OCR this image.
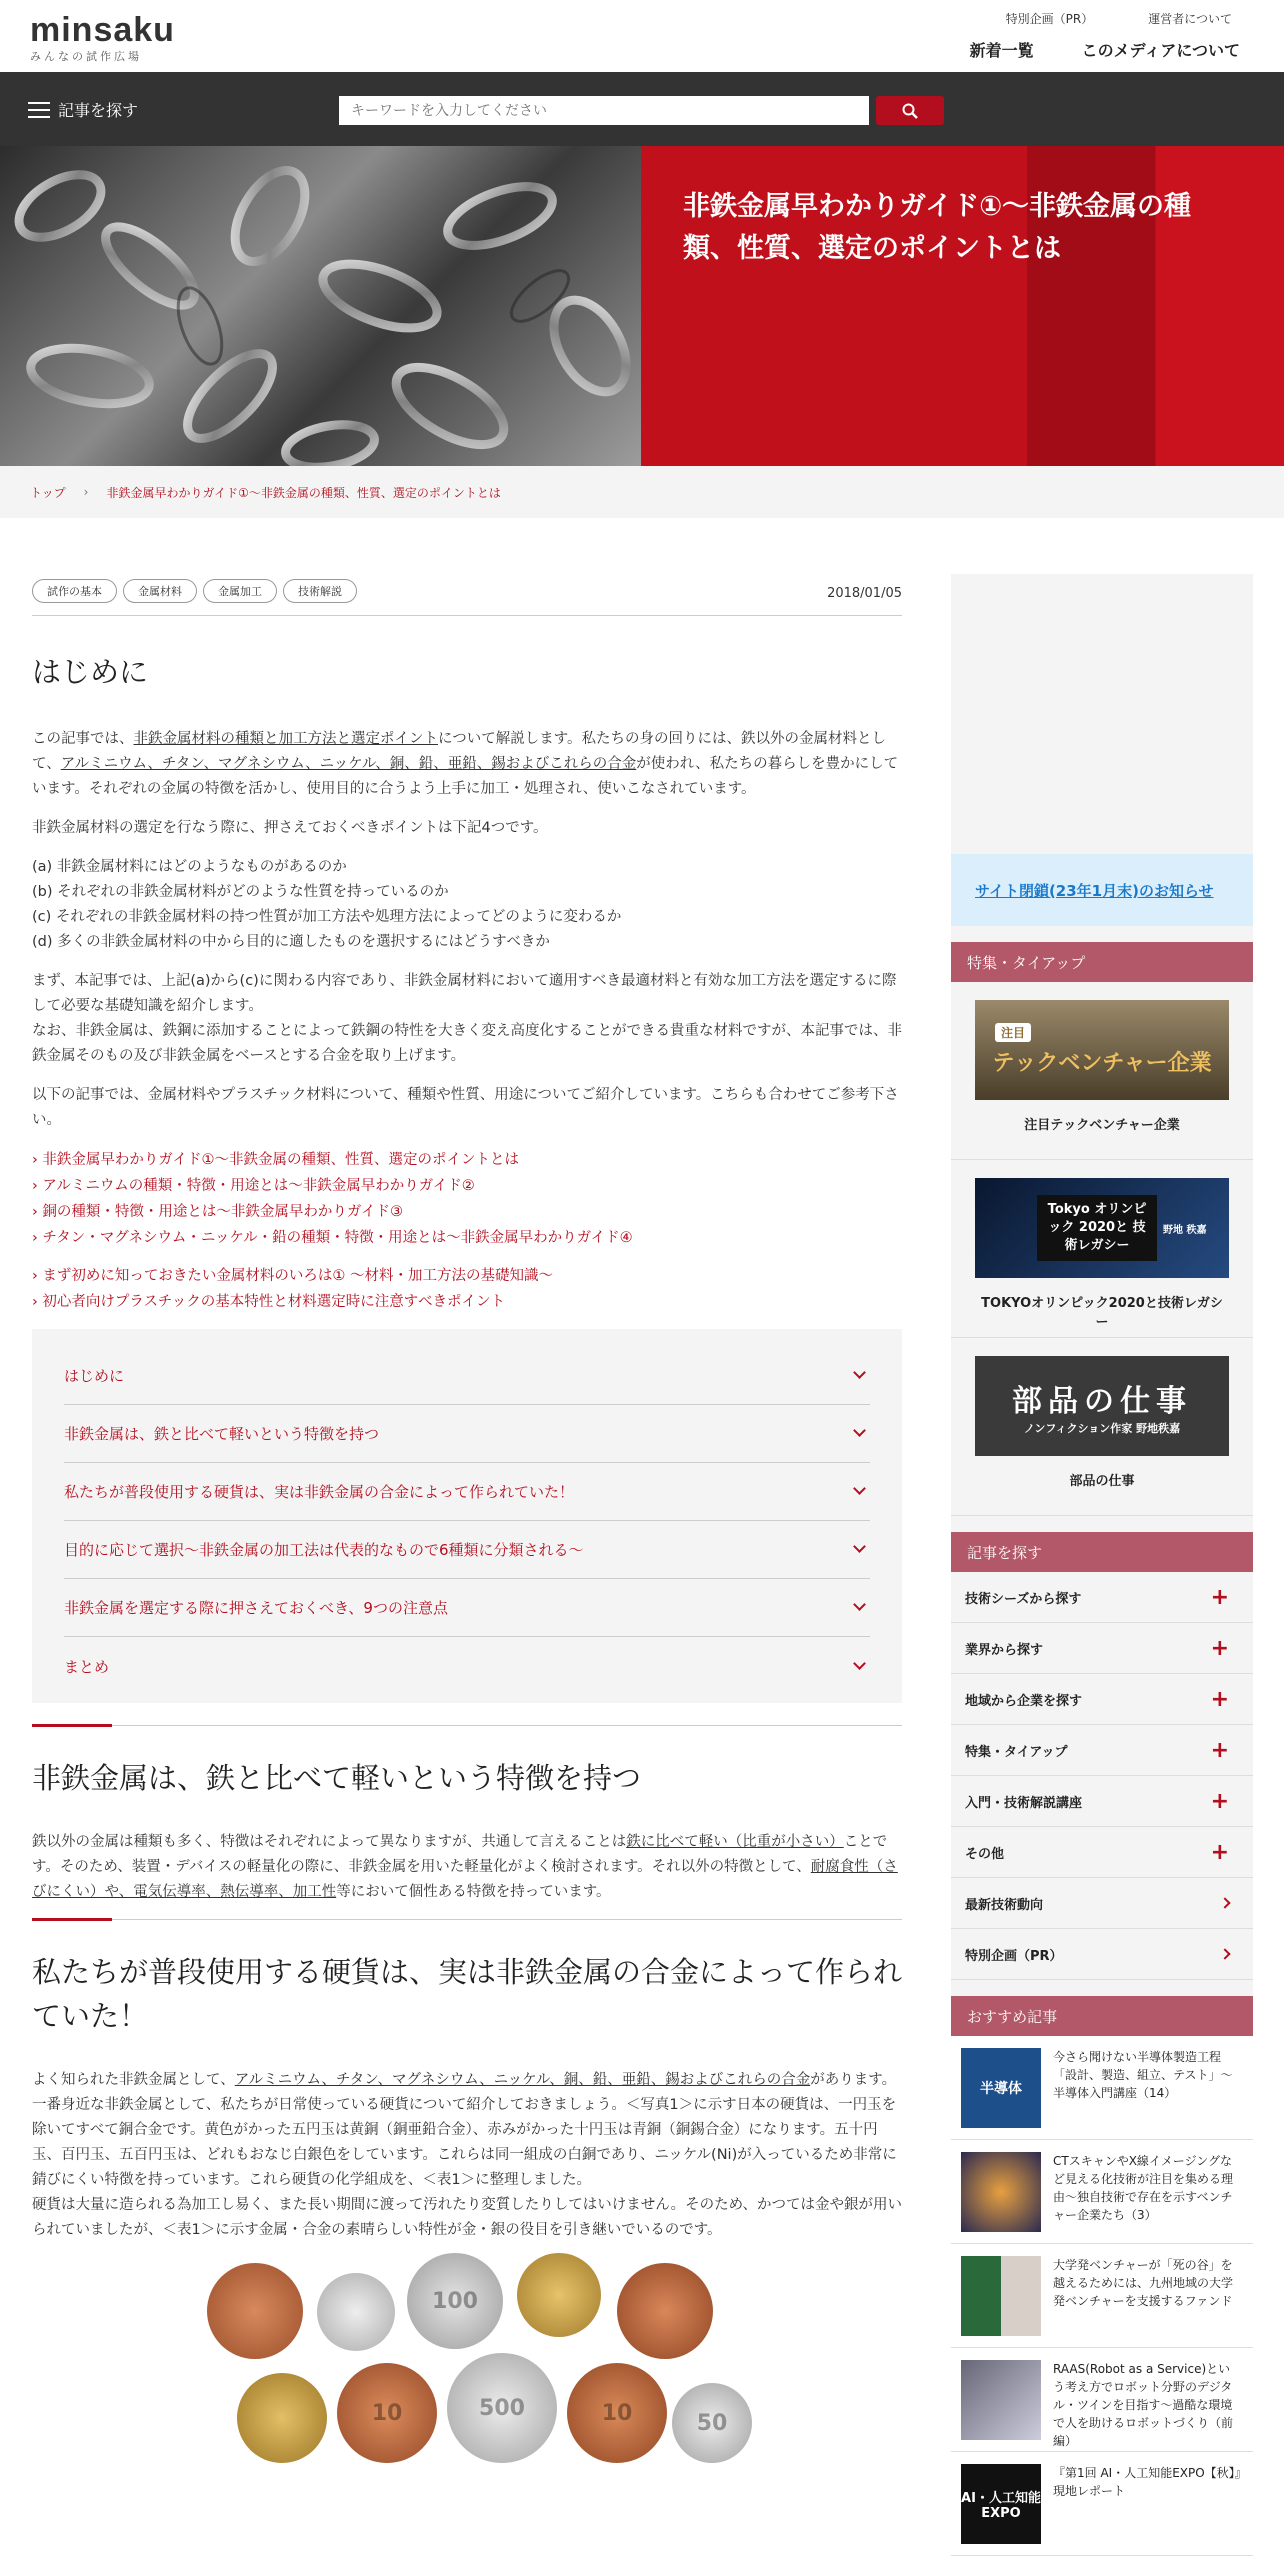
minsaku
みんなの試作広場
特別企画（PR）	運営者について
新着一覧	このメディアについて
記事を探す
キーワードを入力してください
非鉄金属早わかりガイド①～非鉄金属の種類、性質、選定のポイントとは
トップ › 非鉄金属早わかりガイド①～非鉄金属の種類、性質、選定のポイントとは
試作の基本	金属材料	金属加工	技術解説	2018/01/05
はじめに

この記事では、非鉄金属材料の種類と加工方法と選定ポイントについて解説します。私たちの身の回りには、鉄以外の金属材料として、アルミニウム、チタン、マグネシウム、ニッケル、銅、鉛、亜鉛、錫およびこれらの合金が使われ、私たちの暮らしを豊かにしています。それぞれの金属の特徴を活かし、使用目的に合うよう上手に加工・処理され、使いこなされています。

非鉄金属材料の選定を行なう際に、押さえておくべきポイントは下記4つです。

(a) 非鉄金属材料にはどのようなものがあるのか
(b) それぞれの非鉄金属材料がどのような性質を持っているのか
(c) それぞれの非鉄金属材料の持つ性質が加工方法や処理方法によってどのように変わるか
(d) 多くの非鉄金属材料の中から目的に適したものを選択するにはどうすべきか

まず、本記事では、上記(a)から(c)に関わる内容であり、非鉄金属材料において適用すべき最適材料と有効な加工方法を選定するに際して必要な基礎知識を紹介します。
なお、非鉄金属は、鉄鋼に添加することによって鉄鋼の特性を大きく変え高度化することができる貴重な材料ですが、本記事では、非鉄金属そのもの及び非鉄金属をベースとする合金を取り上げます。

以下の記事では、金属材料やプラスチック材料について、種類や性質、用途についてご紹介しています。こちらも合わせてご参考下さい。

› 非鉄金属早わかりガイド①～非鉄金属の種類、性質、選定のポイントとは
› アルミニウムの種類・特徴・用途とは～非鉄金属早わかりガイド②
› 銅の種類・特徴・用途とは～非鉄金属早わかりガイド③
› チタン・マグネシウム・ニッケル・鉛の種類・特徴・用途とは～非鉄金属早わかりガイド④
› まず初めに知っておきたい金属材料のいろは① ～材料・加工方法の基礎知識～
› 初心者向けプラスチックの基本特性と材料選定時に注意すべきポイント
はじめに
非鉄金属は、鉄と比べて軽いという特徴を持つ
私たちが普段使用する硬貨は、実は非鉄金属の合金によって作られていた！
目的に応じて選択～非鉄金属の加工法は代表的なもので6種類に分類される～
非鉄金属を選定する際に押さえておくべき、9つの注意点
まとめ
非鉄金属は、鉄と比べて軽いという特徴を持つ

鉄以外の金属は種類も多く、特徴はそれぞれによって異なりますが、共通して言えることは鉄に比べて軽い（比重が小さい）ことです。そのため、装置・デバイスの軽量化の際に、非鉄金属を用いた軽量化がよく検討されます。それ以外の特徴として、耐腐食性（さびにくい）や、電気伝導率、熱伝導率、加工性等において個性ある特徴を持っています。

私たちが普段使用する硬貨は、実は非鉄金属の合金によって作られていた！

よく知られた非鉄金属として、アルミニウム、チタン、マグネシウム、ニッケル、銅、鉛、亜鉛、錫およびこれらの合金があります。
一番身近な非鉄金属として、私たちが日常使っている硬貨について紹介しておきましょう。＜写真1＞に示す日本の硬貨は、一円玉を除いてすべて銅合金です。黄色がかった五円玉は黄銅（銅亜鉛合金）、赤みがかった十円玉は青銅（銅錫合金）になります。五十円玉、百円玉、五百円玉は、どれもおなじ白銀色をしています。これらは同一組成の白銅であり、ニッケル(Ni)が入っているため非常に錆びにくい特徴を持っています。これら硬貨の化学組成を、＜表1＞に整理しました。
硬貨は大量に造られる為加工し易く、また長い期間に渡って汚れたり変質したりしてはいけません。そのため、かつては金や銀が用いられていましたが、＜表1＞に示す金属・合金の素晴らしい特性が金・銀の役目を引き継いでいるのです。

100
10	500	10	50
サイト閉鎖(23年1月末)のお知らせ
特集・タイアップ
注目
テックベンチャー企業
注目テックベンチャー企業
Tokyo オリンピック 2020と 技術レガシー
野地 秩嘉
TOKYOオリンピック2020と技術レガシー
部品の仕事
ノンフィクション作家 野地秩嘉
部品の仕事
記事を探す
技術シーズから探す	+
業界から探す	+
地域から企業を探す	+
特集・タイアップ	+
入門・技術解説講座	+
その他	+
最新技術動向
特別企画（PR）
おすすめ記事
半導体
今さら聞けない半導体製造工程「設計、製造、組立、テスト」～半導体入門講座（14）
CTスキャンやX線イメージングなど見える化技術が注目を集める理由～独自技術で存在を示すベンチャー企業たち（3）
大学発ベンチャーが「死の谷」を越えるためには、九州地域の大学発ベンチャーを支援するファンド
RAAS(Robot as a Service)という考え方でロボット分野のデジタル・ツインを目指す～過酷な環境で人を助けるロボットづくり（前編）
AI・人工知能 EXPO
『第1回 AI・人工知能EXPO【秋】』現地レポート
